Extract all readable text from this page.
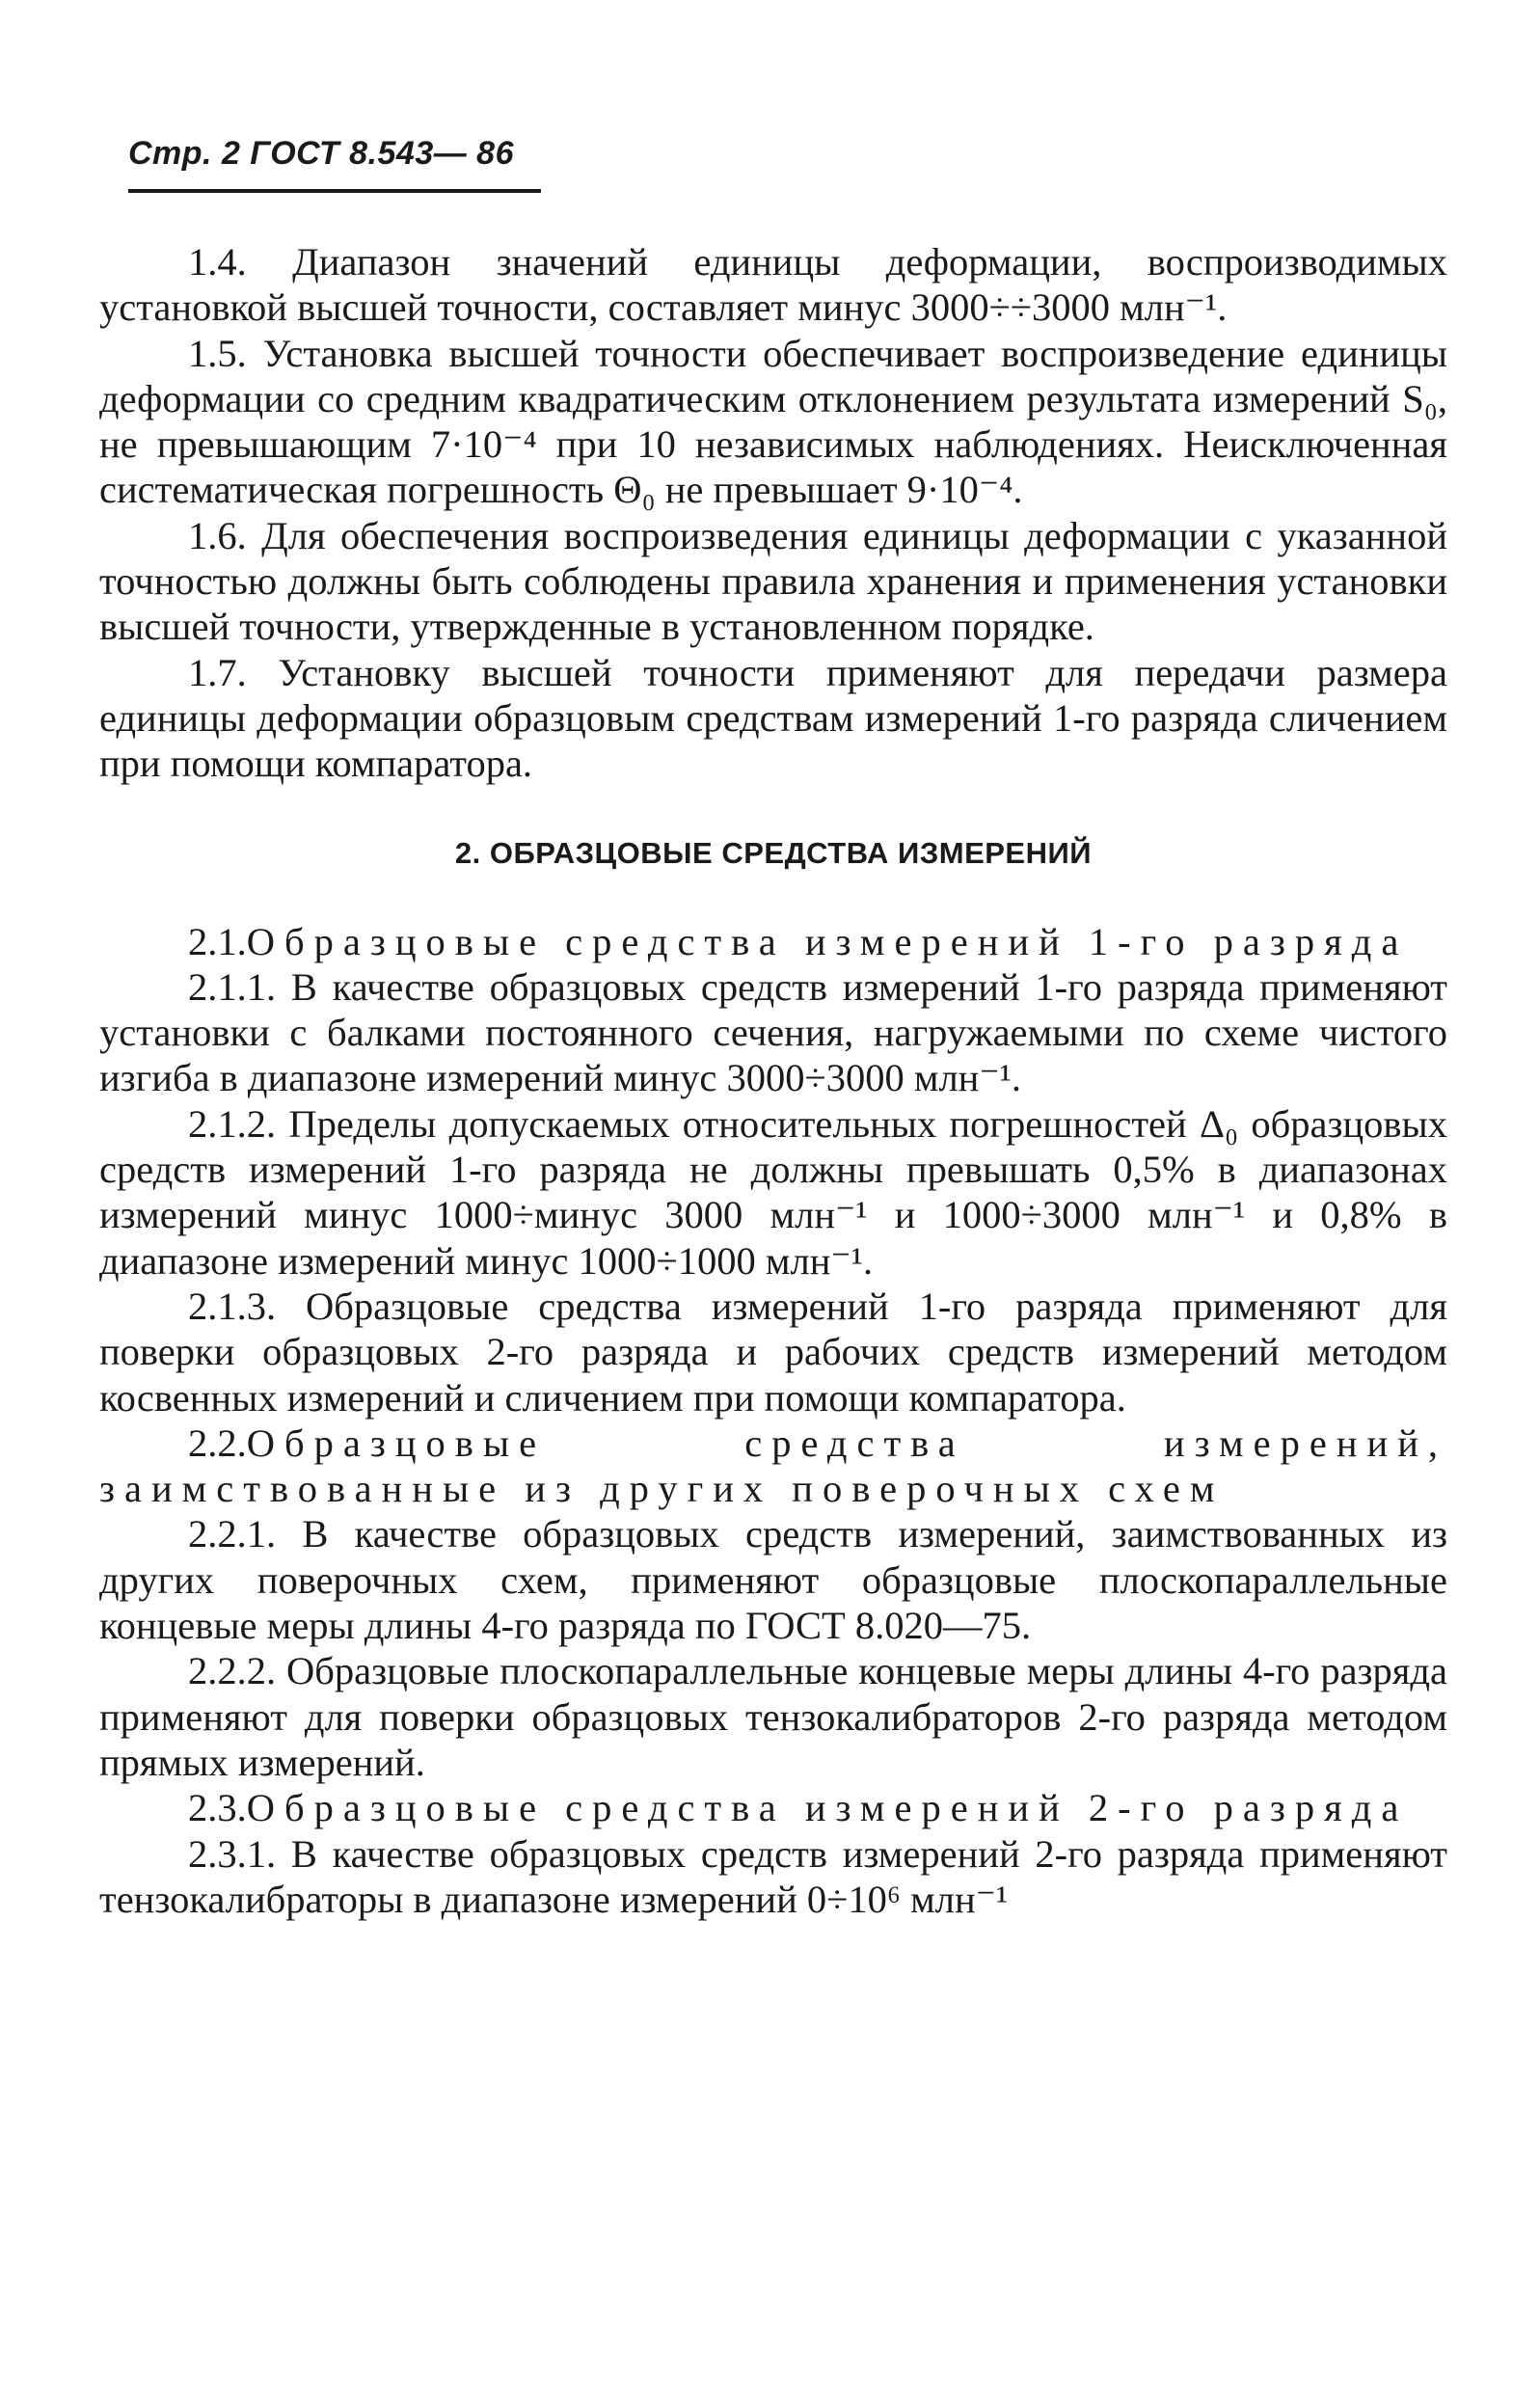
Стр. 2 ГОСТ 8.543— 86

1.4. Диапазон значений единицы деформации, воспроизводимых установкой высшей точности, составляет минус 3000÷÷3000 млн⁻¹.

1.5. Установка высшей точности обеспечивает воспроизведение единицы деформации со средним квадратическим отклонением результата измерений S₀, не превышающим 7·10⁻⁴ при 10 независимых наблюдениях. Неисключенная систематическая погрешность Θ₀ не превышает 9·10⁻⁴.

1.6. Для обеспечения воспроизведения единицы деформации с указанной точностью должны быть соблюдены правила хранения и применения установки высшей точности, утвержденные в установленном порядке.

1.7. Установку высшей точности применяют для передачи размера единицы деформации образцовым средствам измерений 1-го разряда сличением при помощи компаратора.

2. ОБРАЗЦОВЫЕ СРЕДСТВА ИЗМЕРЕНИЙ

2.1.Образцовые средства измерений 1-го разряда

2.1.1. В качестве образцовых средств измерений 1-го разряда применяют установки с балками постоянного сечения, нагружаемыми по схеме чистого изгиба в диапазоне измерений минус 3000÷3000 млн⁻¹.

2.1.2. Пределы допускаемых относительных погрешностей Δ₀ образцовых средств измерений 1-го разряда не должны превышать 0,5% в диапазонах измерений минус 1000÷минус 3000 млн⁻¹ и 1000÷3000 млн⁻¹ и 0,8% в диапазоне измерений минус 1000÷1000 млн⁻¹.

2.1.3. Образцовые средства измерений 1-го разряда применяют для поверки образцовых 2-го разряда и рабочих средств измерений методом косвенных измерений и сличением при помощи компаратора.

2.2.Образцовые средства измерений, заимствованные из других поверочных схем

2.2.1. В качестве образцовых средств измерений, заимствованных из других поверочных схем, применяют образцовые плоскопараллельные концевые меры длины 4-го разряда по ГОСТ 8.020—75.

2.2.2. Образцовые плоскопараллельные концевые меры длины 4-го разряда применяют для поверки образцовых тензокалибраторов 2-го разряда методом прямых измерений.

2.3.Образцовые средства измерений 2-го разряда

2.3.1. В качестве образцовых средств измерений 2-го разряда применяют тензокалибраторы в диапазоне измерений 0÷10⁶ млн⁻¹
